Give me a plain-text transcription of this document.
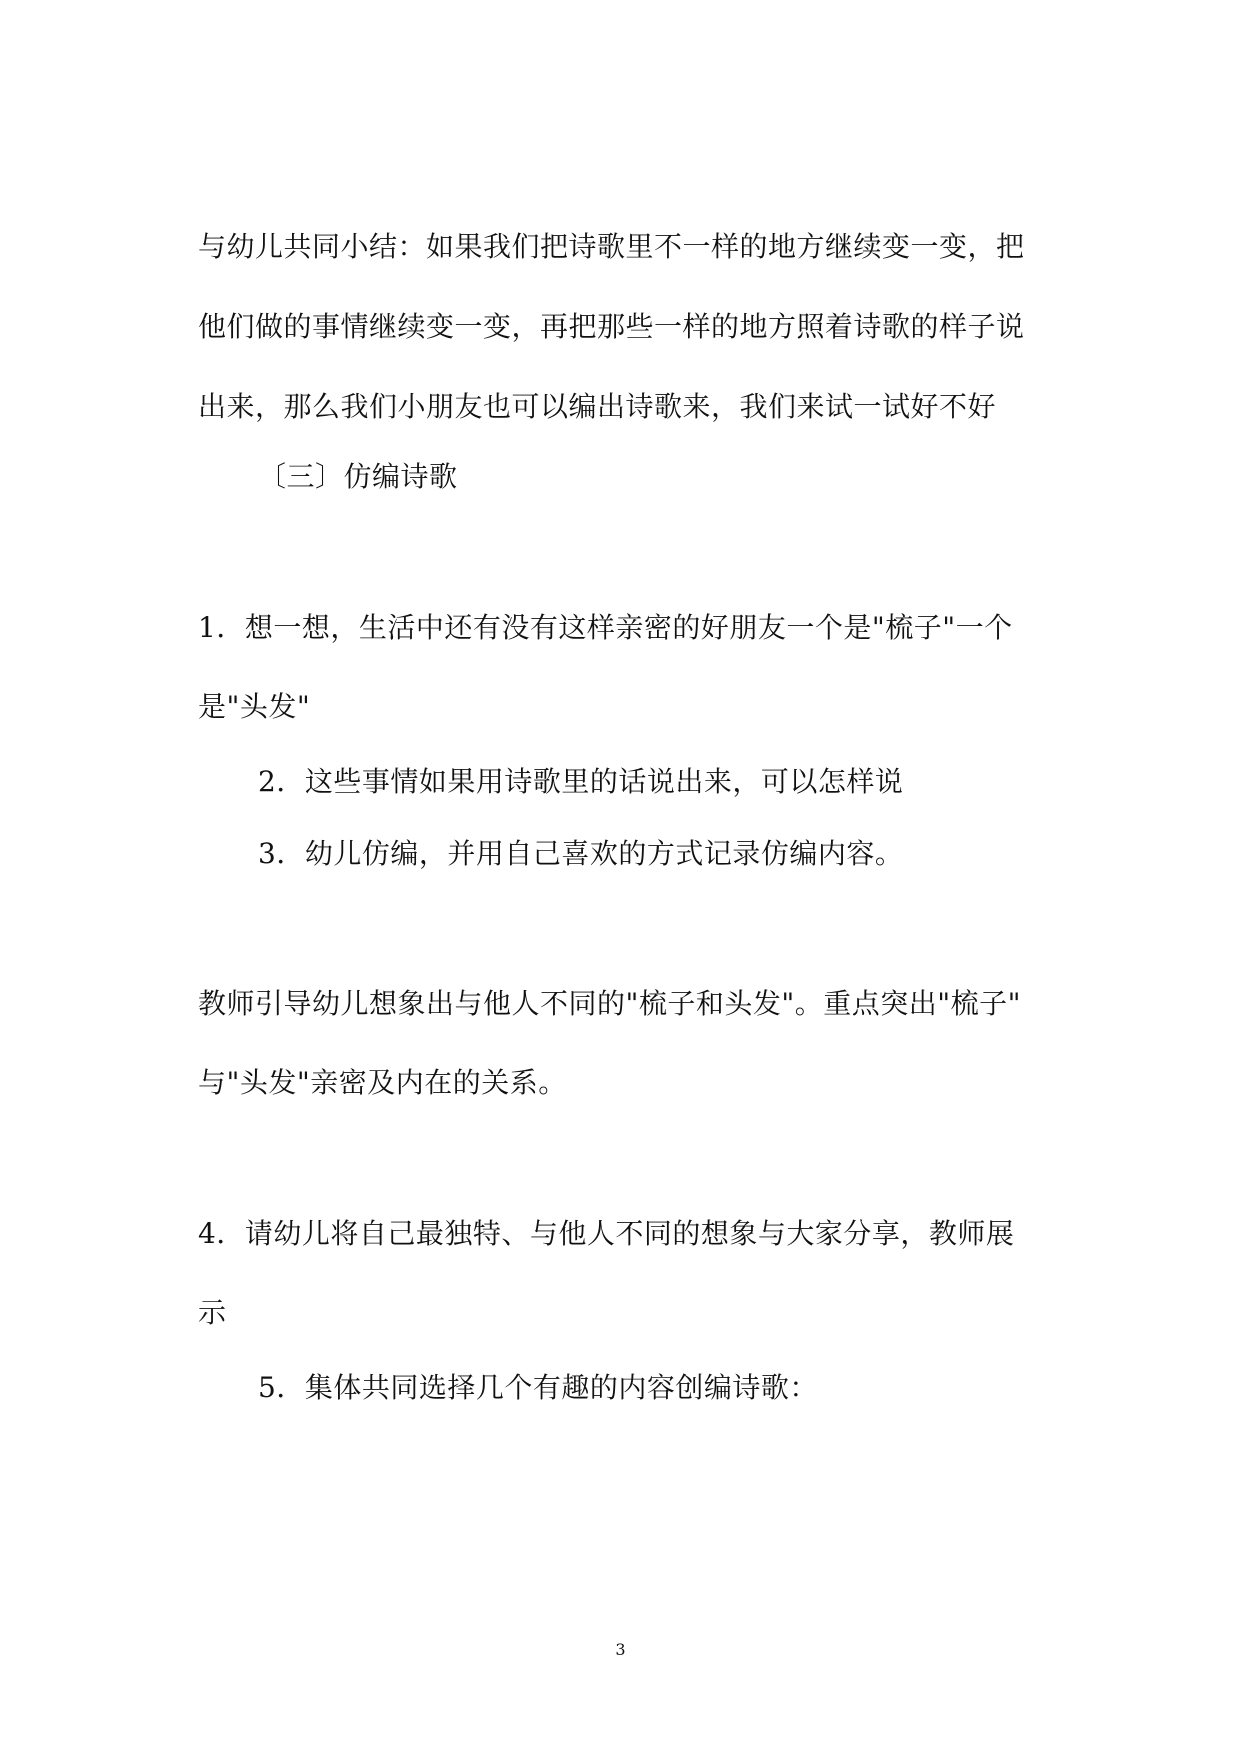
与幼儿共同小结：如果我们把诗歌里不一样的地方继续变一变，把
他们做的事情继续变一变，再把那些一样的地方照着诗歌的样子说
出来，那么我们小朋友也可以编出诗歌来，我们来试一试好不好
〔三〕仿编诗歌
1．想一想，生活中还有没有这样亲密的好朋友一个是"梳子"一个
是"头发"
2．这些事情如果用诗歌里的话说出来，可以怎样说
3．幼儿仿编，并用自己喜欢的方式记录仿编内容。
教师引导幼儿想象出与他人不同的"梳子和头发"。重点突出"梳子"
与"头发"亲密及内在的关系。
4．请幼儿将自己最独特、与他人不同的想象与大家分享，教师展
示
5．集体共同选择几个有趣的内容创编诗歌：
3
